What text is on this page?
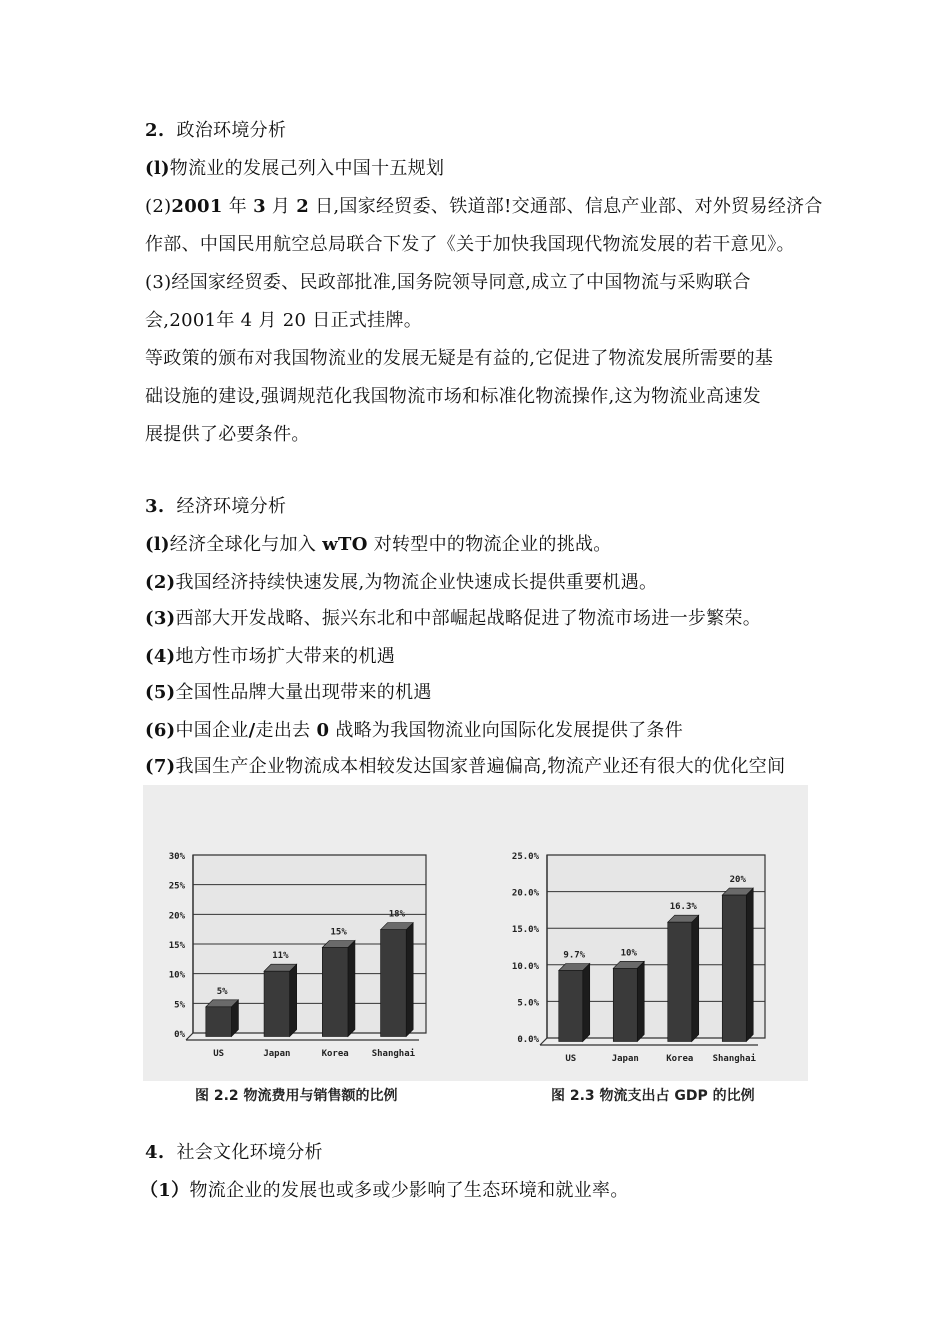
2. 政治环境分析
(l)物流业的发展己列入中国十五规划
(2)2001 年 3 月 2 日,国家经贸委、铁道部!交通部、信息产业部、对外贸易经济合
作部、中国民用航空总局联合下发了《关于加快我国现代物流发展的若干意见》。
(3)经国家经贸委、民政部批准,国务院领导同意,成立了中国物流与采购联合
会,2001年 4 月 20 日正式挂牌。
等政策的颁布对我国物流业的发展无疑是有益的,它促进了物流发展所需要的基
础设施的建设,强调规范化我国物流市场和标准化物流操作,这为物流业高速发
展提供了必要条件。
3. 经济环境分析
(l)经济全球化与加入 wTO 对转型中的物流企业的挑战。
(2)我国经济持续快速发展,为物流企业快速成长提供重要机遇。
(3)西部大开发战略、振兴东北和中部崛起战略促进了物流市场进一步繁荣。
(4)地方性市场扩大带来的机遇
(5)全国性品牌大量出现带来的机遇
(6)中国企业/走出去 0 战略为我国物流业向国际化发展提供了条件
(7)我国生产企业物流成本相较发达国家普遍偏高,物流产业还有很大的优化空间
0%
5%
10%
15%
20%
25%
30%
5%
US
11%
Japan
15%
Korea
18%
Shanghai
0.0%
5.0%
10.0%
15.0%
20.0%
25.0%
9.7%
US
10%
Japan
16.3%
Korea
20%
Shanghai
图 2.2 物流费用与销售额的比例	图 2.3 物流支出占 GDP 的比例
4. 社会文化环境分析
（1）物流企业的发展也或多或少影响了生态环境和就业率。
